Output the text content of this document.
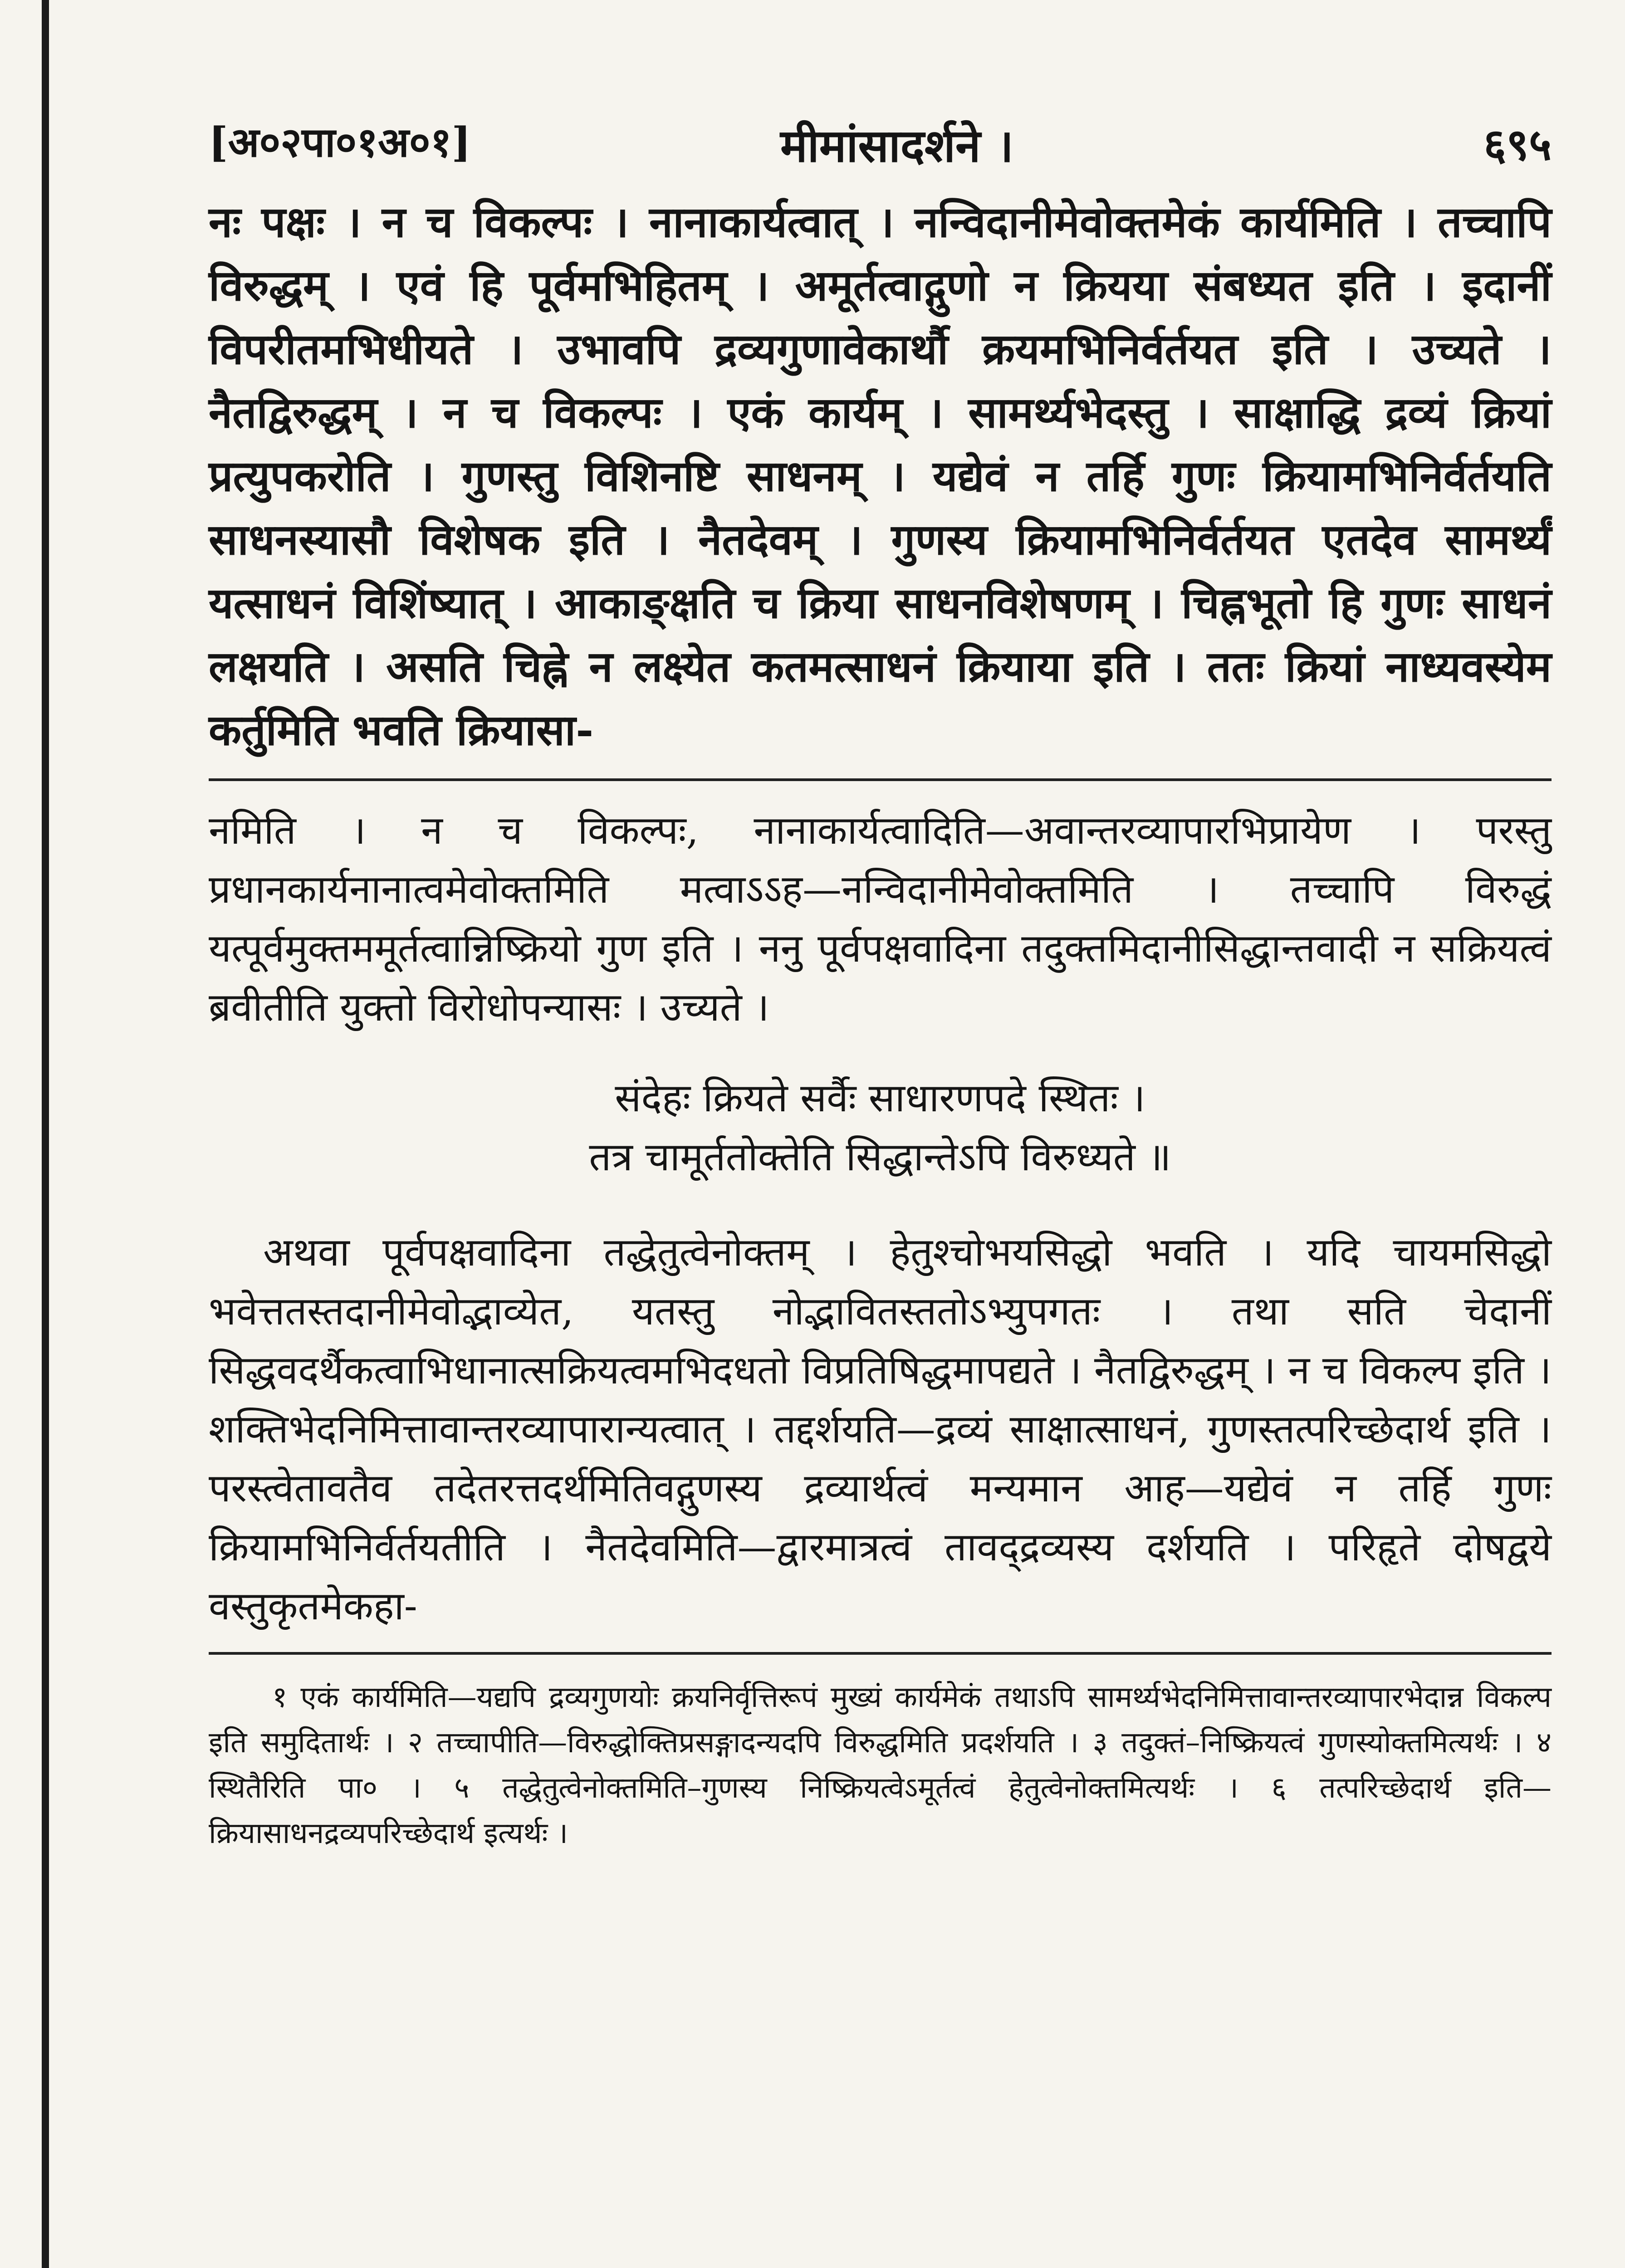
[अ०२पा०१अ०१]	मीमांसादर्शने ।	६९५

नः पक्षः । न च विकल्पः । नानाकार्यत्वात् । नन्विदानीमेवोक्तमेकं कार्यमिति । तच्चापि विरुद्धम् । एवं हि पूर्वमभिहितम् । अमूर्तत्वाद्गुणो न क्रियया संबध्यत इति । इदानीं विपरीतमभिधीयते । उभावपि द्रव्यगुणावेकार्थौ क्रयमभिनिर्वर्तयत इति । उच्यते । नैतद्विरुद्धम् । न च विकल्पः । एकं कार्यम् । सामर्थ्यभेदस्तु । साक्षाद्धि द्रव्यं क्रियां प्रत्युपकरोति । गुणस्तु विशिनष्टि साधनम् । यद्येवं न तर्हि गुणः क्रियामभिनिर्वर्तयति साधनस्यासौ विशेषक इति । नैतदेवम् । गुणस्य क्रियामभिनिर्वर्तयत एतदेव सामर्थ्यं यत्साधनं विशिंष्यात् । आकाङ्क्षति च क्रिया साधनविशेषणम् । चिह्नभूतो हि गुणः साधनं लक्षयति । असति चिह्ने न लक्ष्येत कतमत्साधनं क्रियाया इति । ततः क्रियां नाध्यवस्येम कर्तुमिति भवति क्रियासा-

नमिति । न च विकल्पः, नानाकार्यत्वादिति—अवान्तरव्यापारभिप्रायेण । परस्तु प्रधानकार्यनानात्वमेवोक्तमिति मत्वाऽऽह—नन्विदानीमेवोक्तमिति । तच्चापि विरुद्धं यत्पूर्वमुक्तममूर्तत्वान्निष्क्रियो गुण इति । ननु पूर्वपक्षवादिना तदुक्तमिदानीसिद्धान्तवादी न सक्रियत्वं ब्रवीतीति युक्तो विरोधोपन्यासः । उच्यते ।

संदेहः क्रियते सर्वैः साधारणपदे स्थितः ।
तत्र चामूर्ततोक्तेति सिद्धान्तेऽपि विरुध्यते ॥

अथवा पूर्वपक्षवादिना तद्धेतुत्वेनोक्तम् । हेतुश्चोभयसिद्धो भवति । यदि चायमसिद्धो भवेत्ततस्तदानीमेवोद्भाव्येत, यतस्तु नोद्भावितस्ततोऽभ्युपगतः । तथा सति चेदानीं सिद्धवदर्थैकत्वाभिधानात्सक्रियत्वमभिदधतो विप्रतिषिद्धमापद्यते । नैतद्विरुद्धम् । न च विकल्प इति । शक्तिभेदनिमित्तावान्तरव्यापारान्यत्वात् । तद्दर्शयति—द्रव्यं साक्षात्साधनं, गुणस्तत्परिच्छेदार्थ इति । परस्त्वेतावतैव तदेतरत्तदर्थमितिवद्गुणस्य द्रव्यार्थत्वं मन्यमान आह—यद्येवं न तर्हि गुणः क्रियामभिनिर्वर्तयतीति । नैतदेवमिति—द्वारमात्रत्वं तावद्द्रव्यस्य दर्शयति । परिहृते दोषद्वये वस्तुकृतमेकहा-

१ एकं कार्यमिति—यद्यपि द्रव्यगुणयोः क्रयनिर्वृत्तिरूपं मुख्यं कार्यमेकं तथाऽपि सामर्थ्यभेदनिमित्तावान्तरव्यापारभेदान्न विकल्प इति समुदितार्थः । २ तच्चापीति—विरुद्धोक्तिप्रसङ्गादन्यदपि विरुद्धमिति प्रदर्शयति । ३ तदुक्तं–निष्क्रियत्वं गुणस्योक्तमित्यर्थः । ४ स्थितैरिति पा० । ५ तद्धेतुत्वेनोक्तमिति–गुणस्य निष्क्रियत्वेऽमूर्तत्वं हेतुत्वेनोक्तमित्यर्थः । ६ तत्परिच्छेदार्थ इति—क्रियासाधनद्रव्यपरिच्छेदार्थ इत्यर्थः ।
